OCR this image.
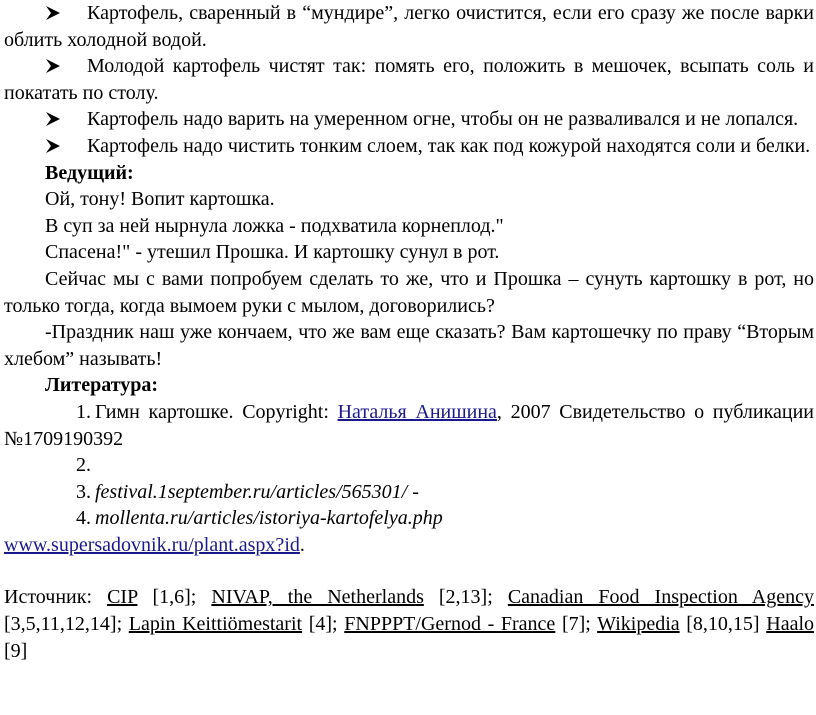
Картофель, сваренный в “мундире”, легко очистится, если его сразу же после варки облить холодной водой.

Молодой картофель чистят так: помять его, положить в мешочек, всыпать соль и покатать по столу.

Картофель надо варить на умеренном огне, чтобы он не разваливался и не лопался.

Картофель надо чистить тонким слоем, так как под кожурой находятся соли и белки.

Ведущий:

Ой, тону! Вопит картошка.

В суп за ней нырнула ложка - подхватила корнеплод."

Спасена!" - утешил Прошка. И картошку сунул в рот.

Сейчас мы с вами попробуем сделать то же, что и Прошка – сунуть картошку в рот, но только тогда, когда вымоем руки с мылом, договорились?

-Праздник наш уже кончаем, что же вам еще сказать? Вам картошечку по праву “Вторым хлебом” называть!

Литература:

1. Гимн картошке. Copyright: Наталья Анишина, 2007 Свидетельство о публикации №1709190392

2.

3. festival.1september.ru/articles/565301/ -

4. mollenta.ru/articles/istoriya-kartofelya.php

www.supersadovnik.ru/plant.aspx?id.

Источник: CIP [1,6]; NIVAP, the Netherlands [2,13]; Canadian Food Inspection Agency [3,5,11,12,14]; Lapin Keittiömestarit [4]; FNPPPT/Gernod - France [7]; Wikipedia [8,10,15] Haalo [9]
